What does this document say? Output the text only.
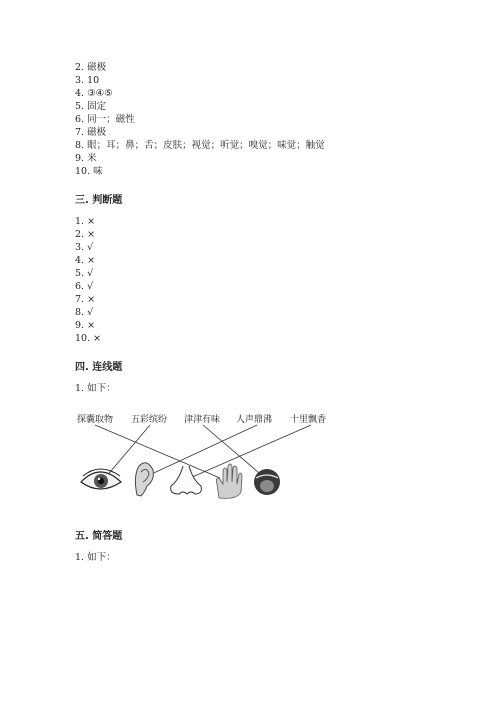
2. 磁极
3. 10
4. ③④⑤
5. 固定
6. 同一；磁性
7. 磁极
8. 眼；耳；鼻；舌；皮肤；视觉；听觉；嗅觉；味觉；触觉
9. 米
10. 味
三. 判断题
1. ×
2. ×
3. √
4. ×
5. √
6. √
7. ×
8. √
9. ×
10. ×
四. 连线题
1. 如下：
探囊取物 五彩缤纷 津津有味 人声鼎沸 十里飘香
五. 简答题
1. 如下：
